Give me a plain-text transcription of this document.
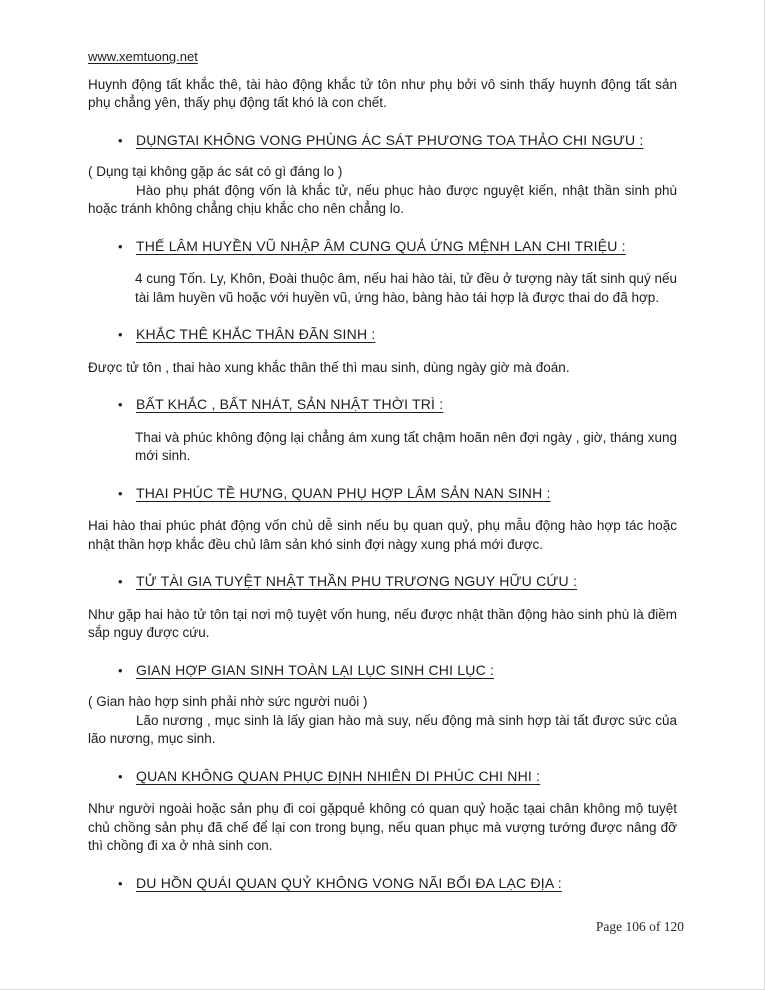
www.xemtuong.net

Huynh động tất khắc thê, tài hào động khắc tử tôn như phụ bởi vô sinh thấy huynh động tất sản phụ chẳng yên, thấy phụ động tất khó là con chết.

• DỤNGTAI KHÔNG VONG PHÙNG ÁC SÁT PHƯƠNG TOA THẢO CHI NGƯU :

( Dụng tại không gặp ác sát có gì đáng lo )

Hào phụ phát động vốn là khắc tử, nếu phục hào được nguyệt kiến, nhật thần sinh phù hoặc tránh không chẳng chịu khắc cho nên chẳng lo.

• THẾ LÂM HUYỀN VŨ NHẬP ÂM CUNG QUẢ ỨNG MỆNH LAN CHI TRIỆU :

4 cung Tốn. Ly, Khôn, Đoài thuộc âm, nếu hai hào tài, tử đều ở tượng này tất sinh quý nếu tài lâm huyền vũ hoặc với huyền vũ, ứng hào, bàng hào tái hợp là được thai do đã hợp.

• KHẮC THÊ KHẮC THÂN ĐÃN SINH :

Được tử tôn , thai hào xung khắc thân thế thì mau sinh, dùng ngày giờ mà đoán.

• BẤT KHẮC , BẤT NHÁT, SẢN NHẬT THỜI TRÌ :

Thai và phúc không động lại chẳng ám xung tất chậm hoãn nên đợi ngày , giờ, tháng xung mới sinh.

• THAI PHÚC TỀ HƯNG, QUAN PHỤ HỢP LÂM SẢN NAN SINH :

Hai hào thai phúc phát động vốn chủ dễ sinh nếu bụ quan quỷ, phụ mẫu động hào hợp tác hoặc nhật thần hợp khắc đều chủ lâm sản khó sinh đợi nàgy xung phá mới được.

• TỬ TÀI GIA TUYỆT NHẬT THẦN PHU TRƯƠNG NGUY HỮU CỨU :

Như gặp hai hào tử tôn tại nơi mộ tuyệt vốn hung, nếu được nhật thần động hào sinh phù là điềm sắp nguy được cứu.

• GIAN HỢP GIAN SINH TOÀN LẠI LỤC SINH CHI LỤC :

( Gian hào hợp sinh phải nhờ sức người nuôi )

Lão nương , mục sinh là lấy gian hào mà suy, nếu động mà sinh hợp tài tất được sức của lão nương, mục sinh.

• QUAN KHÔNG QUAN PHỤC ĐỊNH NHIÊN DI PHÚC CHI NHI :

Như người ngoài hoặc sản phụ đi coi gặpquẻ không có quan quỷ hoặc tạai chân không mộ tuyệt chủ chồng sản phụ đã chế để lại con trong bụng, nếu quan phục mà vượng tướng được nâng đỡ thì chồng đi xa ở nhà sinh con.

• DU HỒN QUÁI QUAN QUỶ KHÔNG VONG NÃI BỐI ĐA LẠC ĐỊA :
Page 106 of 120
